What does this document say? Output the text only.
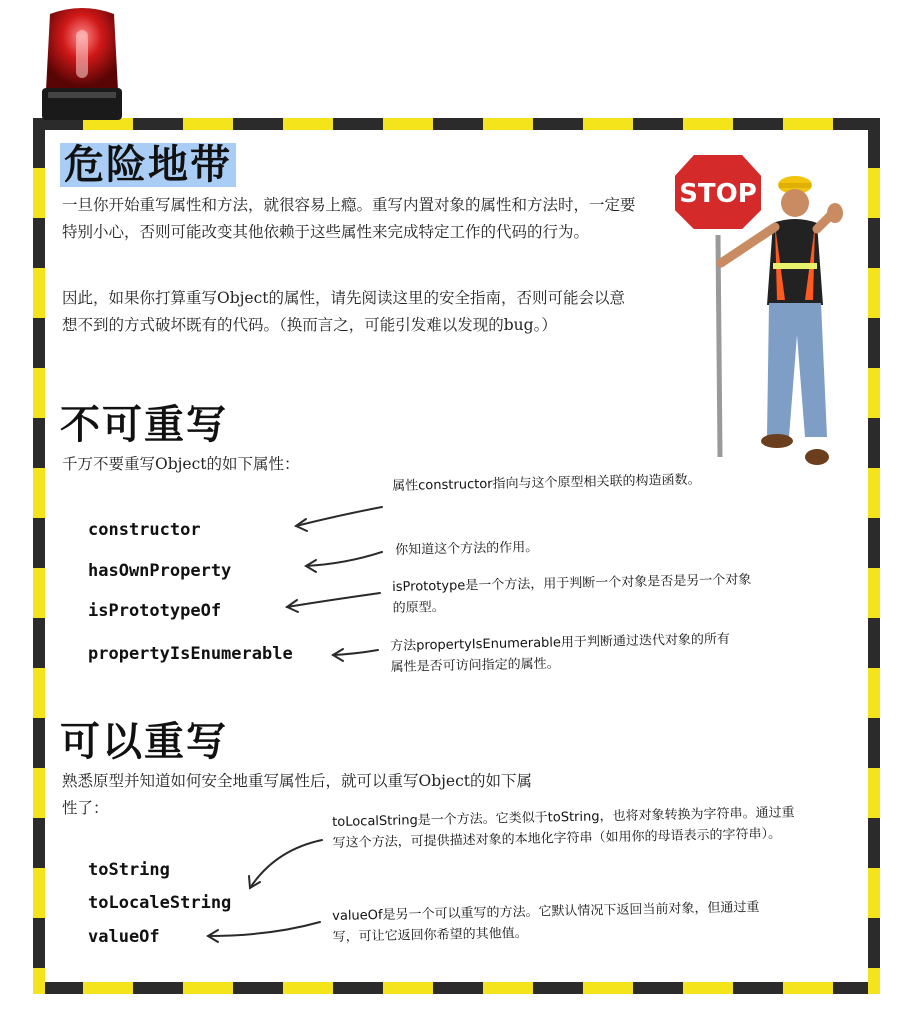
危险地带
一旦你开始重写属性和方法，就很容易上瘾。重写内置对象的属性和方法时，一定要特别小心，否则可能改变其他依赖于这些属性来完成特定工作的代码的行为。
因此，如果你打算重写Object的属性，请先阅读这里的安全指南，否则可能会以意想不到的方式破坏既有的代码。（换而言之，可能引发难以发现的bug。）
STOP
不可重写
千万不要重写Object的如下属性：
constructor
hasOwnProperty
isPrototypeOf
propertyIsEnumerable
属性constructor指向与这个原型相关联的构造函数。
你知道这个方法的作用。
isPrototype是一个方法，用于判断一个对象是否是另一个对象的原型。
方法propertyIsEnumerable用于判断通过迭代对象的所有属性是否可访问指定的属性。
可以重写
熟悉原型并知道如何安全地重写属性后，就可以重写Object的如下属性了：
toString
toLocaleString
valueOf
toLocalString是一个方法。它类似于toString，也将对象转换为字符串。通过重写这个方法，可提供描述对象的本地化字符串（如用你的母语表示的字符串）。
valueOf是另一个可以重写的方法。它默认情况下返回当前对象，但通过重写，可让它返回你希望的其他值。
